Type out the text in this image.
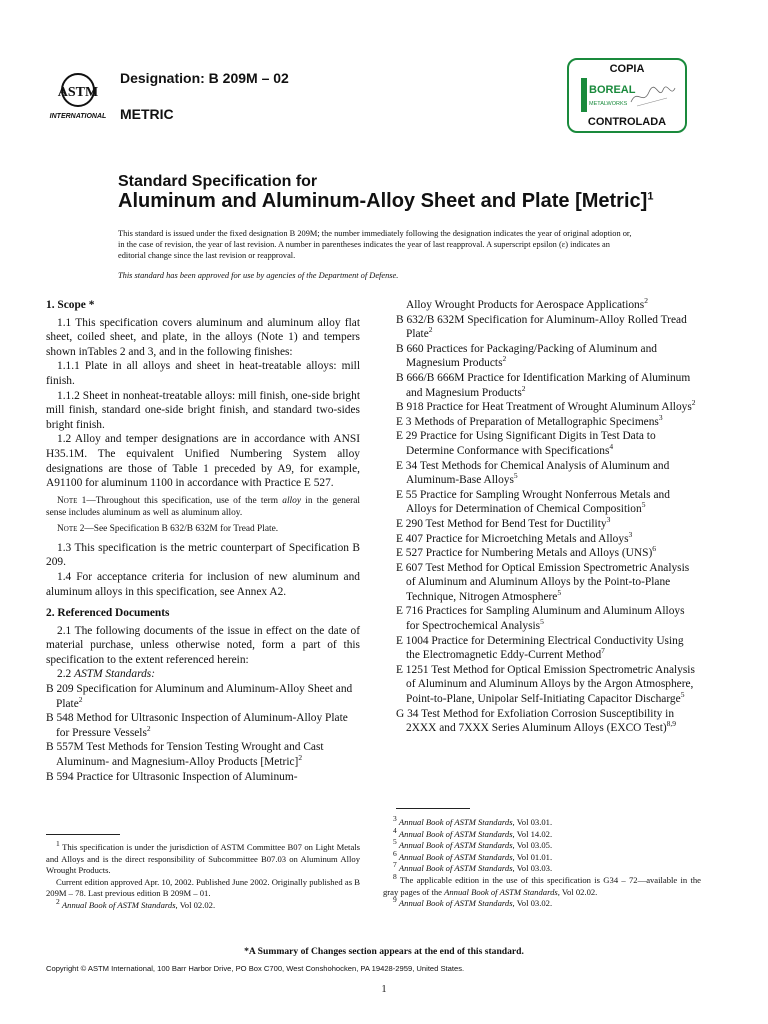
ASTM
INTERNATIONAL
Designation: B 209M – 02
METRIC
COPIA
BOREAL
METALWORKS
CONTROLADA
Standard Specification for
Aluminum and Aluminum-Alloy Sheet and Plate [Metric]$^1$
This standard is issued under the fixed designation B 209M; the number immediately following the designation indicates the year of original adoption or, in the case of revision, the year of last revision. A number in parentheses indicates the year of last reapproval. A superscript epsilon (ε) indicates an editorial change since the last revision or reapproval.
This standard has been approved for use by agencies of the Department of Defense.

1. Scope *

1.1 This specification covers aluminum and aluminum alloy flat sheet, coiled sheet, and plate, in the alloys (Note 1) and tempers shown inTables 2 and 3, and in the following finishes:

1.1.1 Plate in all alloys and sheet in heat-treatable alloys: mill finish.

1.1.2 Sheet in nonheat-treatable alloys: mill finish, one-side bright mill finish, standard one-side bright finish, and standard two-sides bright finish.

1.2 Alloy and temper designations are in accordance with ANSI H35.1M. The equivalent Unified Numbering System alloy designations are those of Table 1 preceded by A9, for example, A91100 for aluminum 1100 in accordance with Practice E 527.

Note 1—Throughout this specification, use of the term alloy in the general sense includes aluminum as well as aluminum alloy.

Note 2—See Specification B 632/B 632M for Tread Plate.

1.3 This specification is the metric counterpart of Specification B 209.

1.4 For acceptance criteria for inclusion of new aluminum and aluminum alloys in this specification, see Annex A2.

2. Referenced Documents

2.1 The following documents of the issue in effect on the date of material purchase, unless otherwise noted, form a part of this specification to the extent referenced herein:

2.2 ASTM Standards:

B 209 Specification for Aluminum and Aluminum-Alloy Sheet and Plate$^2$

B 548 Method for Ultrasonic Inspection of Aluminum-Alloy Plate for Pressure Vessels$^2$

B 557M Test Methods for Tension Testing Wrought and Cast Aluminum- and Magnesium-Alloy Products [Metric]$^2$

B 594 Practice for Ultrasonic Inspection of Aluminum-

Alloy Wrought Products for Aerospace Applications$^2$

B 632/B 632M Specification for Aluminum-Alloy Rolled Tread Plate$^2$

B 660 Practices for Packaging/Packing of Aluminum and Magnesium Products$^2$

B 666/B 666M Practice for Identification Marking of Aluminum and Magnesium Products$^2$

B 918 Practice for Heat Treatment of Wrought Aluminum Alloys$^2$

E 3 Methods of Preparation of Metallographic Specimens$^3$

E 29 Practice for Using Significant Digits in Test Data to Determine Conformance with Specifications$^4$

E 34 Test Methods for Chemical Analysis of Aluminum and Aluminum-Base Alloys$^5$

E 55 Practice for Sampling Wrought Nonferrous Metals and Alloys for Determination of Chemical Composition$^5$

E 290 Test Method for Bend Test for Ductility$^3$

E 407 Practice for Microetching Metals and Alloys$^3$

E 527 Practice for Numbering Metals and Alloys (UNS)$^6$

E 607 Test Method for Optical Emission Spectrometric Analysis of Aluminum and Aluminum Alloys by the Point-to-Plane Technique, Nitrogen Atmosphere$^5$

E 716 Practices for Sampling Aluminum and Aluminum Alloys for Spectrochemical Analysis$^5$

E 1004 Practice for Determining Electrical Conductivity Using the Electromagnetic Eddy-Current Method$^7$

E 1251 Test Method for Optical Emission Spectrometric Analysis of Aluminum and Aluminum Alloys by the Argon Atmosphere, Point-to-Plane, Unipolar Self-Initiating Capacitor Discharge$^5$

G 34 Test Method for Exfoliation Corrosion Susceptibility in 2XXX and 7XXX Series Aluminum Alloys (EXCO Test)$^{8,9}$

$^1$ This specification is under the jurisdiction of ASTM Committee B07 on Light Metals and Alloys and is the direct responsibility of Subcommittee B07.03 on Aluminum Alloy Wrought Products.

Current edition approved Apr. 10, 2002. Published June 2002. Originally published as B 209M – 78. Last previous edition B 209M – 01.

$^2$ Annual Book of ASTM Standards, Vol 02.02.

$^3$ Annual Book of ASTM Standards, Vol 03.01.

$^4$ Annual Book of ASTM Standards, Vol 14.02.

$^5$ Annual Book of ASTM Standards, Vol 03.05.

$^6$ Annual Book of ASTM Standards, Vol 01.01.

$^7$ Annual Book of ASTM Standards, Vol 03.03.

$^8$ The applicable edition in the use of this specification is G34 – 72—available in the gray pages of the Annual Book of ASTM Standards, Vol 02.02.

$^9$ Annual Book of ASTM Standards, Vol 03.02.

*A Summary of Changes section appears at the end of this standard.
Copyright © ASTM International, 100 Barr Harbor Drive, PO Box C700, West Conshohocken, PA 19428-2959, United States.
1
